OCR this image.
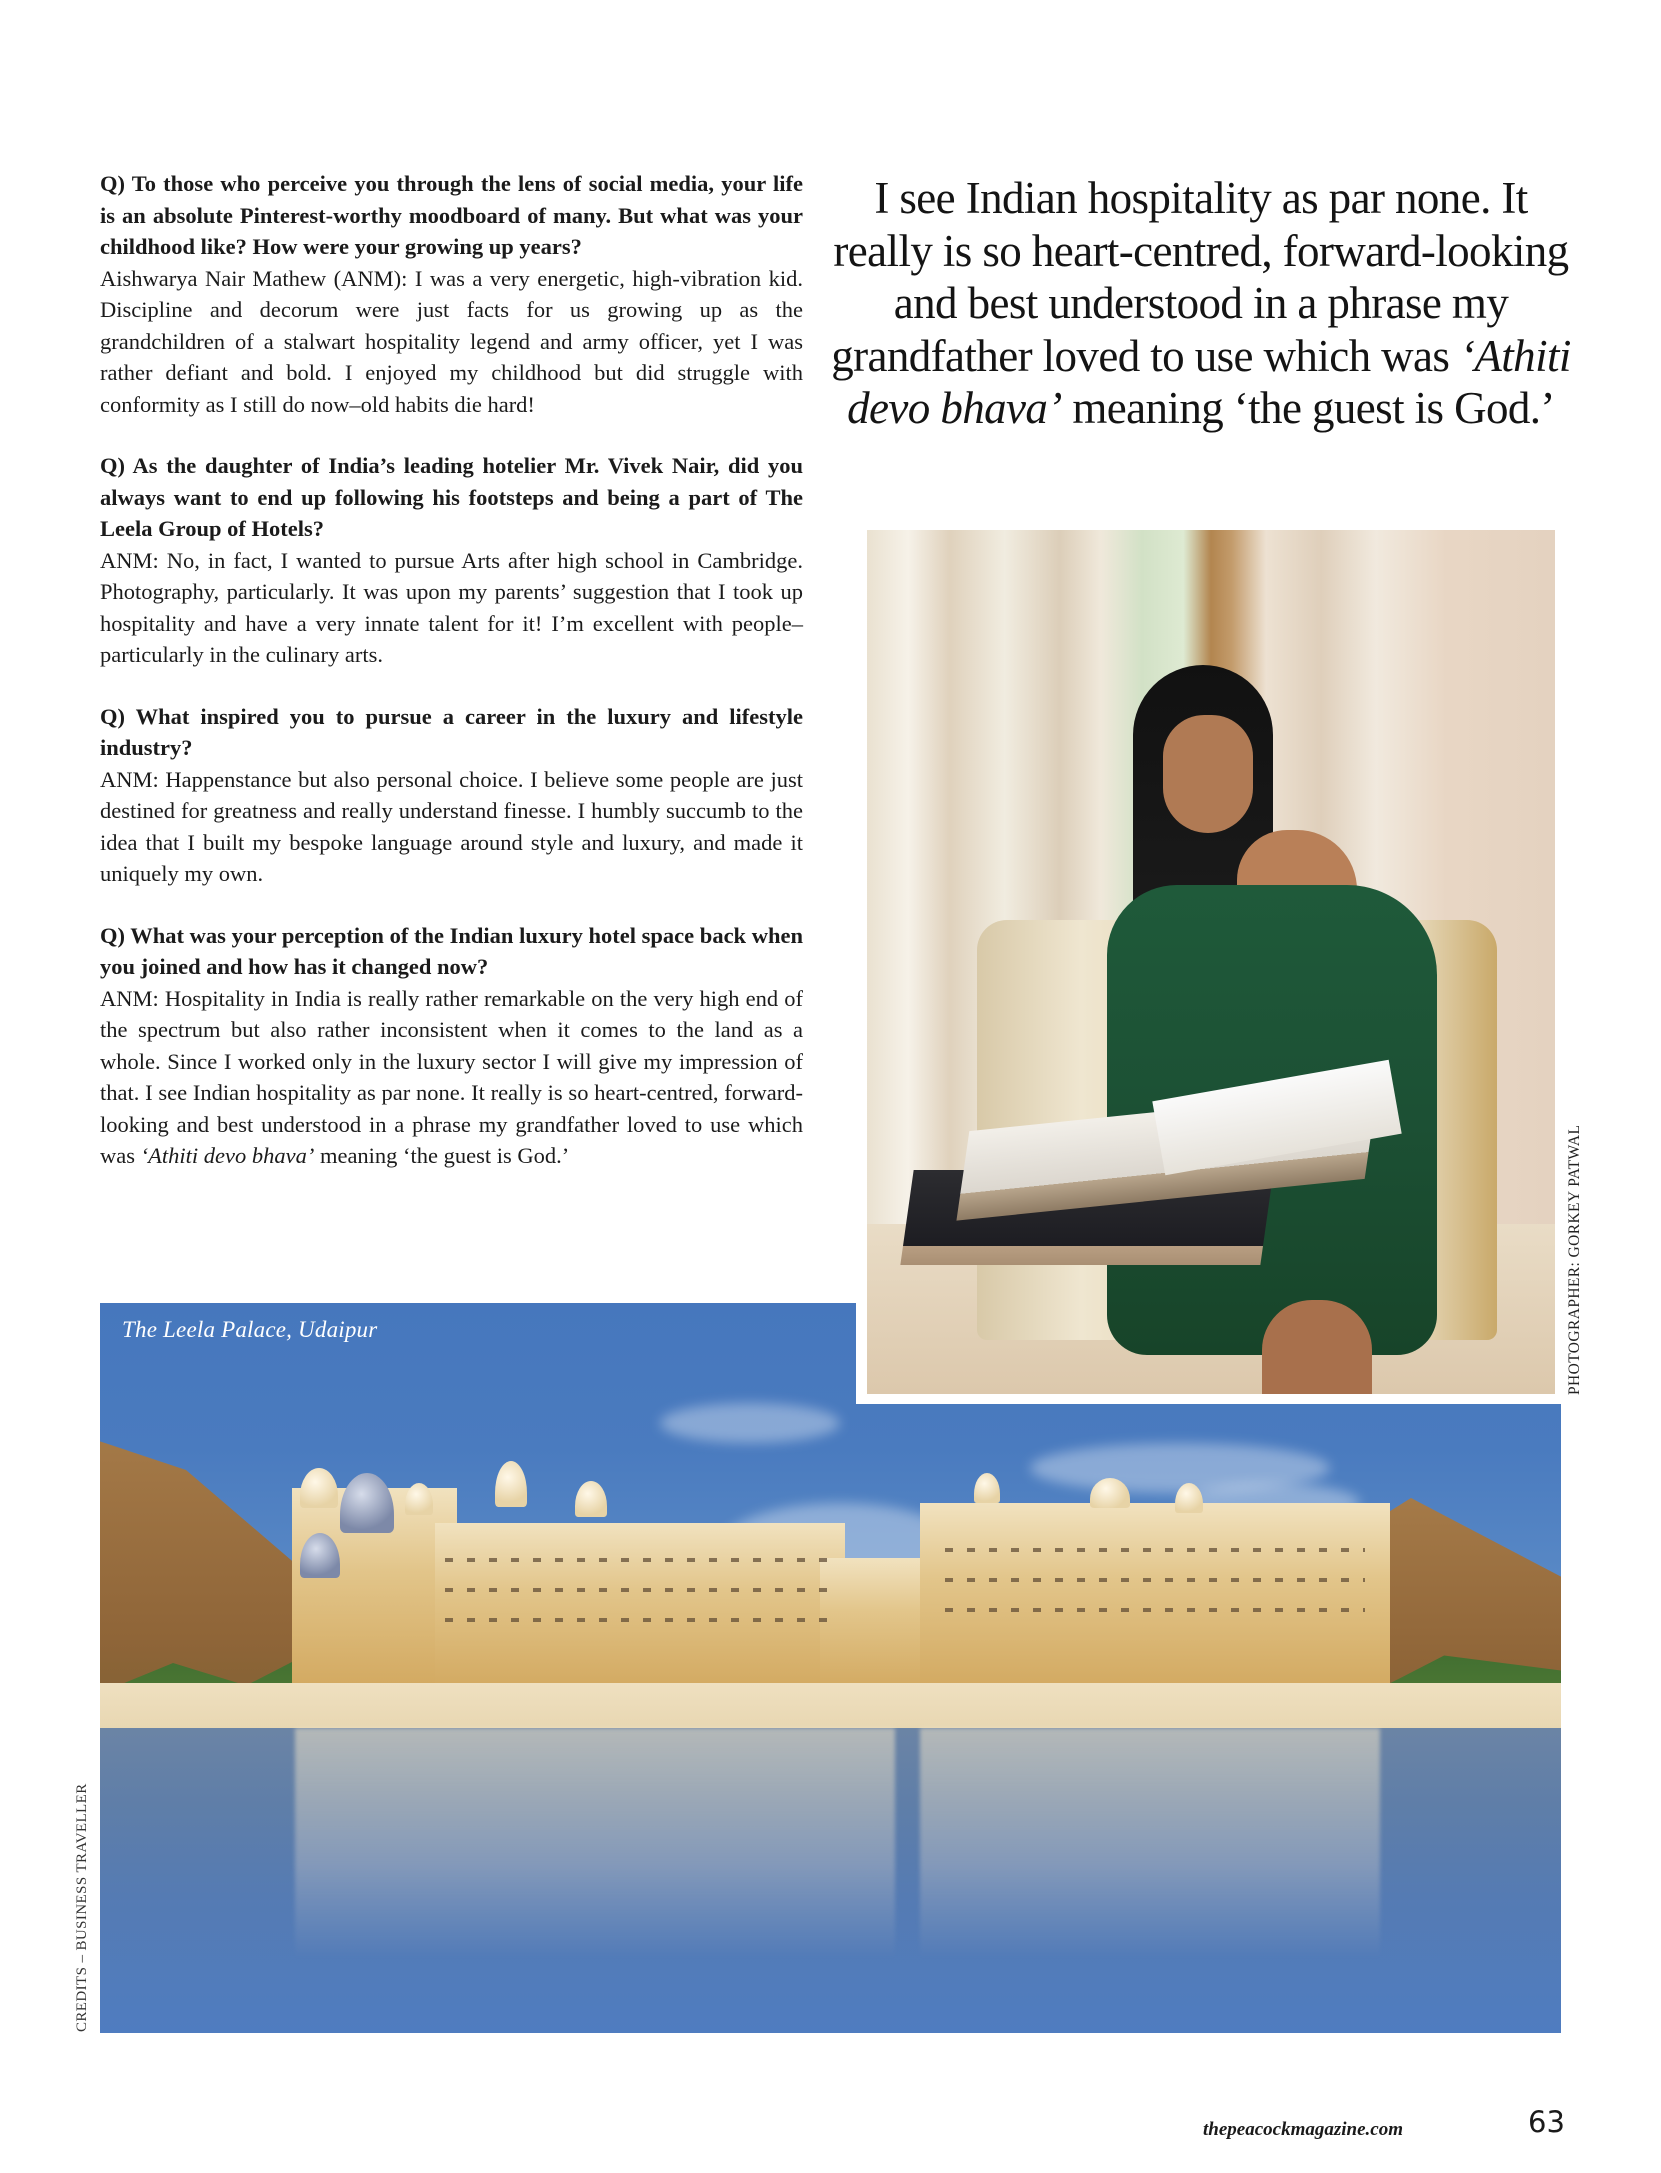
Q) To those who perceive you through the lens of social media, your life is an absolute Pinterest-worthy moodboard of many. But what was your childhood like? How were your growing up years?
Aishwarya Nair Mathew (ANM): I was a very energetic, high-vibration kid. Discipline and decorum were just facts for us growing up as the grandchildren of a stalwart hospitality legend and army officer, yet I was rather defiant and bold. I enjoyed my childhood but did struggle with conformity as I still do now–old habits die hard!
Q) As the daughter of India’s leading hotelier Mr. Vivek Nair, did you always want to end up following his footsteps and being a part of The Leela Group of Hotels?
ANM: No, in fact, I wanted to pursue Arts after high school in Cambridge. Photography, particularly. It was upon my parents’ suggestion that I took up hospitality and have a very innate talent for it! I’m excellent with people–particularly in the culinary arts.
Q) What inspired you to pursue a career in the luxury and lifestyle industry?
ANM: Happenstance but also personal choice. I believe some people are just destined for greatness and really understand finesse. I humbly succumb to the idea that I built my bespoke language around style and luxury, and made it uniquely my own.
Q) What was your perception of the Indian luxury hotel space back when you joined and how has it changed now?
ANM: Hospitality in India is really rather remarkable on the very high end of the spectrum but also rather inconsistent when it comes to the land as a whole. Since I worked only in the luxury sector I will give my impression of that. I see Indian hospitality as par none. It really is so heart-centred, forward-looking and best understood in a phrase my grandfather loved to use which was ‘Athiti devo bhava’ meaning ‘the guest is God.’
I see Indian hospitality as par none. It really is so heart-centred, forward-looking and best understood in a phrase my grandfather loved to use which was ‘Athiti devo bhava’ meaning ‘the guest is God.’
The Leela Palace, Udaipur	PHOTOGRAPHER: GORKEY PATWAL
CREDITS – BUSINESS TRAVELLER
thepeacockmagazine.com	63
